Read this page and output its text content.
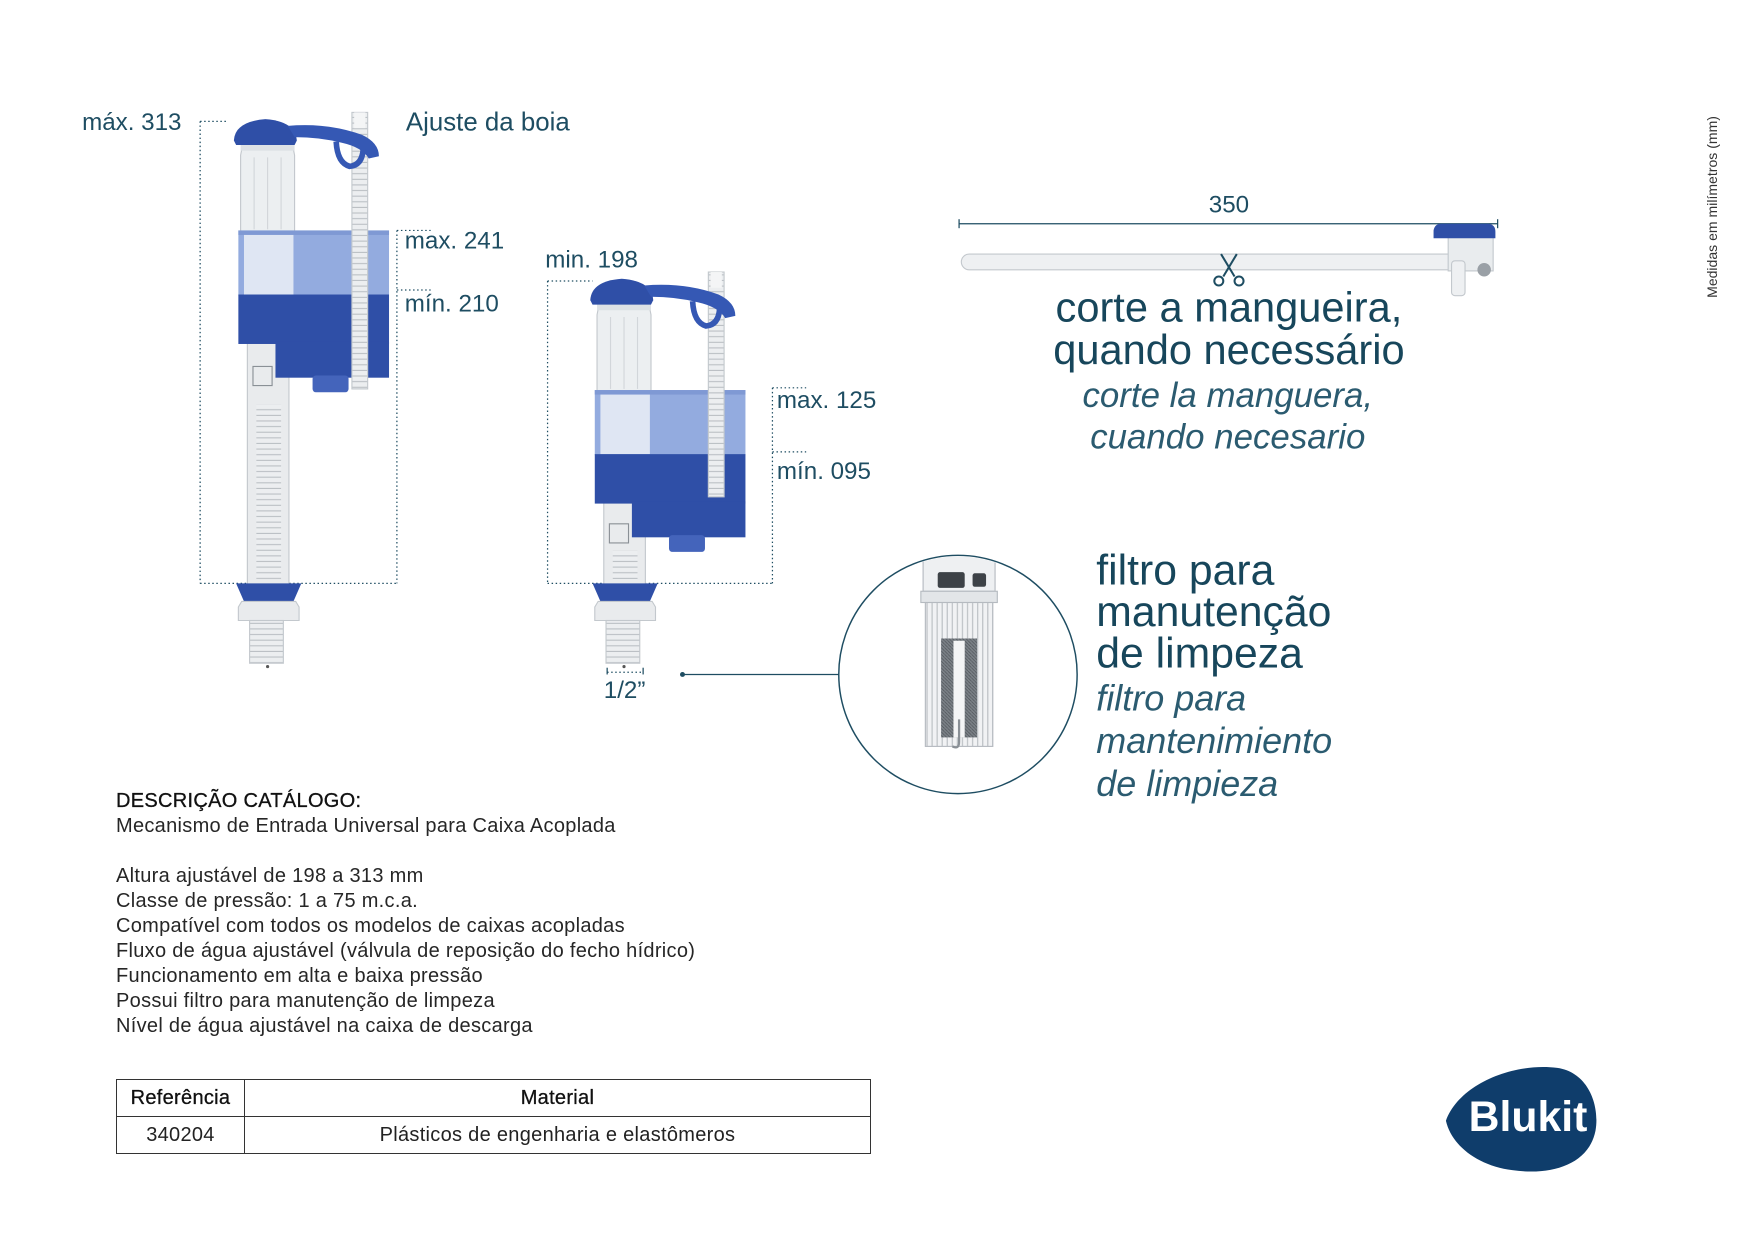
máx. 313	Ajuste da boia
max. 241
mín. 210
min. 198
max. 125
mín. 095
1/2”
350
corte a mangueira,
quando necessário
corte la manguera,
cuando necesario
filtro para
manutenção
de limpeza
filtro para
mantenimiento
de limpieza
Medidas em milímetros (mm)
Blukit
DESCRIÇÃO CATÁLOGO:
Mecanismo de Entrada Universal para Caixa Acoplada
Altura ajustável de 198 a 313 mm
Classe de pressão: 1 a 75 m.c.a.
Compatível com todos os modelos de caixas acopladas
Fluxo de água ajustável (válvula de reposição do fecho hídrico)
Funcionamento em alta e baixa pressão
Possui filtro para manutenção de limpeza
Nível de água ajustável na caixa de descarga
Referência	Material
340204	Plásticos de engenharia e elastômeros
